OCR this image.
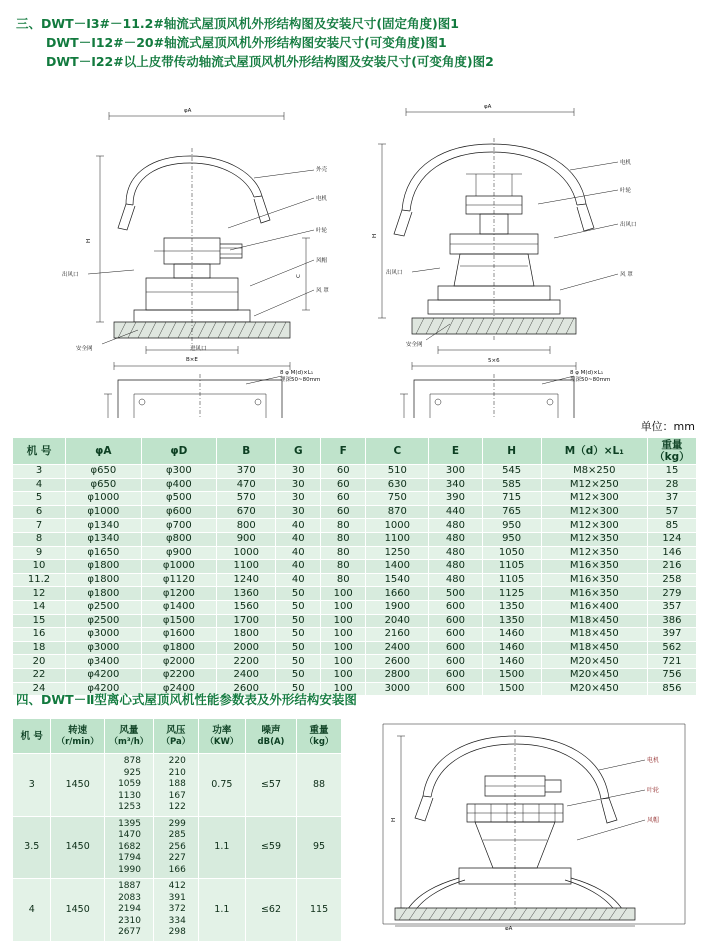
三、DWT－Ⅰ3#－11.2#轴流式屋顶风机外形结构图及安装尺寸(固定角度)图1
DWT－Ⅰ12#－20#轴流式屋顶风机外形结构图安装尺寸(可变角度)图1
DWT－Ⅰ22#以上皮带传动轴流式屋顶风机外形结构图及安装尺寸(可变角度)图2
φA
H
B×E
C
外壳
电机
叶轮
风帽
风 罩
出风口
安全网	进风口
8 φ M(d)×L₁
埋深50~80mm
φA
H
电机
叶轮
出风口
风 罩
出风口
安全网
5×6
8 φ M(d)×L₁
埋深50~80mm
单位：mm
机 号	φA	φD	B	G	F	C	E	H	M（d）×L₁	重量（kg）
3	φ650	φ300	370	30	60	510	300	545	M8×250	15
4	φ650	φ400	470	30	60	630	340	585	M12×250	28
5	φ1000	φ500	570	30	60	750	390	715	M12×300	37
6	φ1000	φ600	670	30	60	870	440	765	M12×300	57
7	φ1340	φ700	800	40	80	1000	480	950	M12×300	85
8	φ1340	φ800	900	40	80	1100	480	950	M12×350	124
9	φ1650	φ900	1000	40	80	1250	480	1050	M12×350	146
10	φ1800	φ1000	1100	40	80	1400	480	1105	M16×350	216
11.2	φ1800	φ1120	1240	40	80	1540	480	1105	M16×350	258
12	φ1800	φ1200	1360	50	100	1660	500	1125	M16×350	279
14	φ2500	φ1400	1560	50	100	1900	600	1350	M16×400	357
15	φ2500	φ1500	1700	50	100	2040	600	1350	M18×450	386
16	φ3000	φ1600	1800	50	100	2160	600	1460	M18×450	397
18	φ3000	φ1800	2000	50	100	2400	600	1460	M18×450	562
20	φ3400	φ2000	2200	50	100	2600	600	1460	M20×450	721
22	φ4200	φ2200	2400	50	100	2800	600	1500	M20×450	756
24	φ4200	φ2400	2600	50	100	3000	600	1500	M20×450	856
四、DWT－Ⅱ型离心式屋顶风机性能参数表及外形结构安装图
机 号	转速
（r/min）	风量
（m³/h）	风压
（Pa）	功率
（KW）	噪声
dB(A)	重量
（kg）
3	1450	878
925
1059
1130
1253	220
210
188
167
122	0.75	≤57	88
3.5	1450	1395
1470
1682
1794
1990	299
285
256
227
166	1.1	≤59	95
4	1450	1887
2083
2194
2310
2677	412
391
372
334
298	1.1	≤62	115
H
φA
电机
叶轮
风帽
